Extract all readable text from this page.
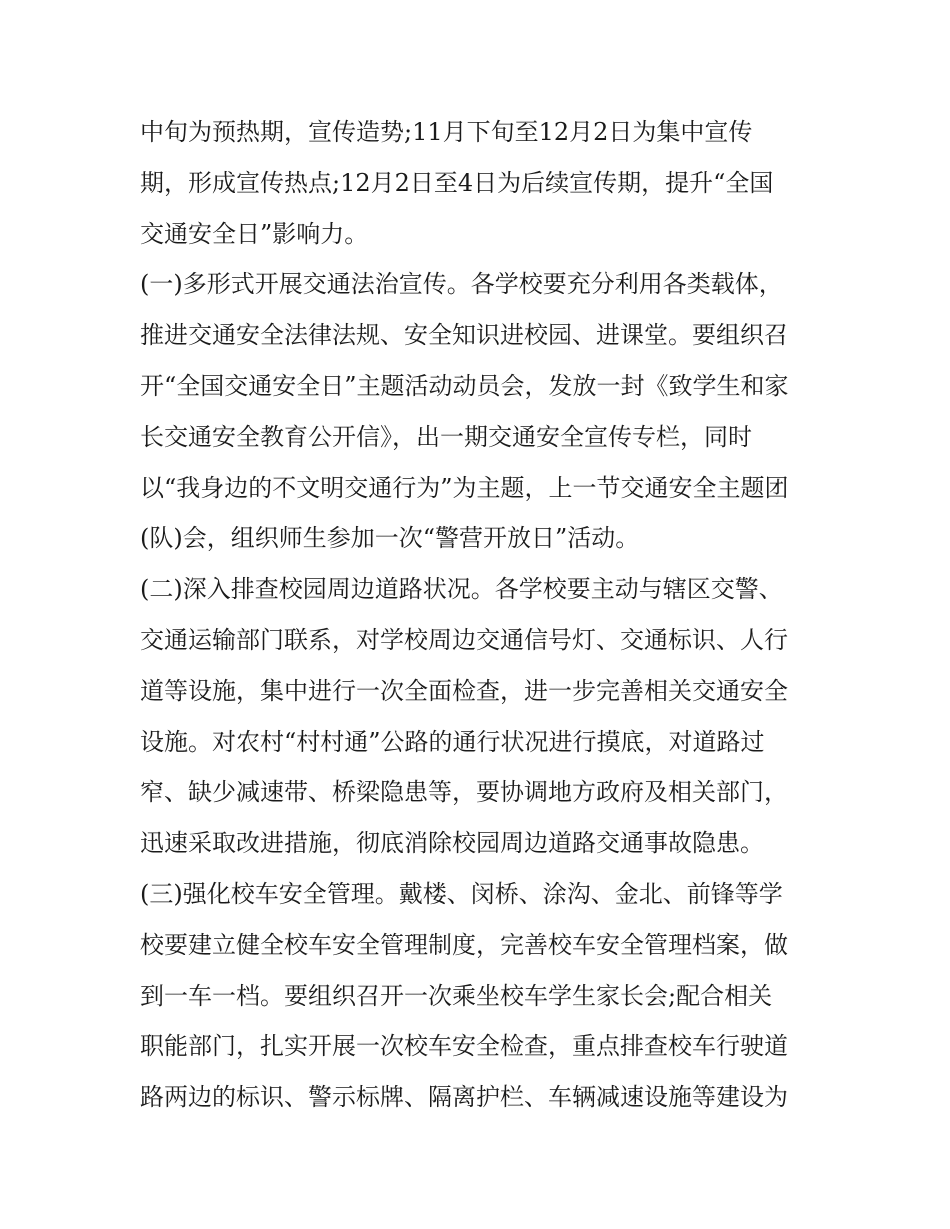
中旬为预热期，宣传造势;11月下旬至12月2日为集中宣传
期，形成宣传热点;12月2日至4日为后续宣传期，提升“全国
交通安全日”影响力。
(一)多形式开展交通法治宣传。各学校要充分利用各类载体，
推进交通安全法律法规、安全知识进校园、进课堂。要组织召
开“全国交通安全日”主题活动动员会，发放一封《致学生和家
长交通安全教育公开信》，出一期交通安全宣传专栏，同时
以“我身边的不文明交通行为”为主题，上一节交通安全主题团
(队)会，组织师生参加一次“警营开放日”活动。
(二)深入排查校园周边道路状况。各学校要主动与辖区交警、
交通运输部门联系，对学校周边交通信号灯、交通标识、人行
道等设施，集中进行一次全面检查，进一步完善相关交通安全
设施。对农村“村村通”公路的通行状况进行摸底，对道路过
窄、缺少减速带、桥梁隐患等，要协调地方政府及相关部门，
迅速采取改进措施，彻底消除校园周边道路交通事故隐患。
(三)强化校车安全管理。戴楼、闵桥、涂沟、金北、前锋等学
校要建立健全校车安全管理制度，完善校车安全管理档案，做
到一车一档。要组织召开一次乘坐校车学生家长会;配合相关
职能部门，扎实开展一次校车安全检查，重点排查校车行驶道
路两边的标识、警示标牌、隔离护栏、车辆减速设施等建设为
